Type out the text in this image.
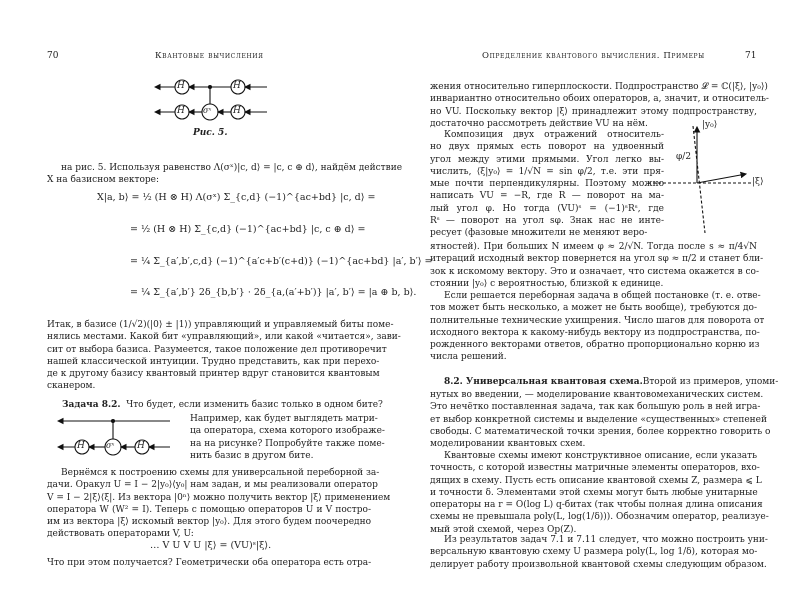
70	Квантовые вычисления	Определение квантового вычисления. Примеры	71
H	H
H	H
σˣ
Рис. 5.
H	H
σˣ
|y₀⟩
|ξ⟩
φ/2
X|a, b⟩ = ½ (H ⊗ H) Λ(σˣ) Σ_{c,d} (−1)^{ac+bd} |c, d⟩ =
= ½ (H ⊗ H) Σ_{c,d} (−1)^{ac+bd} |c, c ⊕ d⟩ =
= ¼ Σ_{a′,b′,c,d} (−1)^{a′c+b′(c+d)} (−1)^{ac+bd} |a′, b′⟩ =
= ¼ Σ_{a′,b′} 2δ_{b,b′} · 2δ_{a,(a′+b′)} |a′, b′⟩ = |a ⊕ b, b⟩.
… V U V U |ξ⟩ = (VU)ˢ|ξ⟩.
Задача 8.2. Что будет, если изменить базис только в одном бите?
8.2. Универсальная квантовая схема. Второй из примеров, упоми-
на рис. 5. Используя равенство Λ(σˣ)|c, d⟩ = |c, c ⊕ d⟩, найдём действие
X на базисном векторе:
Итак, в базисе (1/√2)(|0⟩ ± |1⟩) управляющий и управляемый биты поме-
нялись местами. Какой бит «управляющий», или какой «читается», зави-
сит от выбора базиса. Разумеется, такое положение дел противоречит
нашей классической интуиции. Трудно представить, как при перехо-
де к другому базису квантовый принтер вдруг становится квантовым
сканером.
Например, как будет выглядеть матри-
ца оператора, схема которого изображе-
на на рисунке? Попробуйте также поме-
нить базис в другом бите.
Вернёмся к построению схемы для универсальной переборной за-
дачи. Оракул U = I − 2|y₀⟩⟨y₀| нам задан, и мы реализовали оператор
V = I − 2|ξ⟩⟨ξ|. Из вектора |0ⁿ⟩ можно получить вектор |ξ⟩ применением
оператора W (W² = I). Теперь с помощью операторов U и V постро-
им из вектора |ξ⟩ искомый вектор |y₀⟩. Для этого будем поочередно
действовать операторами V, U:
Что при этом получается? Геометрически оба оператора есть отра-
жения относительно гиперплоскости. Подпространство 𝓛 = ℂ(|ξ⟩, |y₀⟩)
инвариантно относительно обоих операторов, а, значит, и относитель-
но VU. Поскольку вектор |ξ⟩ принадлежит этому подпространству,
достаточно рассмотреть действие VU на нём.
Композиция двух отражений относитель-
но двух прямых есть поворот на удвоенный
угол между этими прямыми. Угол легко вы-
числить, ⟨ξ|y₀⟩ = 1/√N = sin φ/2, т.е. эти пря-
мые почти перпендикулярны. Поэтому можно
написать VU = −R, где R — поворот на ма-
лый угол φ. Но тогда (VU)ˢ = (−1)ˢRˢ, где
Rˢ — поворот на угол sφ. Знак нас не инте-
ресует (фазовые множители не меняют веро-
ятностей). При больших N имеем φ ≈ 2/√N. Тогда после s ≈ π/4√N
итераций исходный вектор повернется на угол sφ ≈ π/2 и станет бли-
зок к искомому вектору. Это и означает, что система окажется в со-
стоянии |y₀⟩ с вероятностью, близкой к единице.
Если решается переборная задача в общей постановке (т. е. отве-
тов может быть несколько, а может не быть вообще), требуются до-
полнительные технические ухищрения. Число шагов для поворота от
исходного вектора к какому-нибудь вектору из подпространства, по-
рожденного векторами ответов, обратно пропорционально корню из
числа решений.
нутых во введении, — моделирование квантовомеханических систем.
Это нечётко поставленная задача, так как большую роль в ней игра-
ет выбор конкретной системы и выделение «существенных» степеней
свободы. С математической точки зрения, более корректно говорить о
моделировании квантовых схем.
Квантовые схемы имеют конструктивное описание, если указать
точность, с которой известны матричные элементы операторов, вхо-
дящих в схему. Пусть есть описание квантовой схемы Z, размера ⩽ L
и точности δ. Элементами этой схемы могут быть любые унитарные
операторы на r = O(log L) q-битах (так чтобы полная длина описания
схемы не превышала poly(L, log(1/δ))). Обозначим оператор, реализуе-
мый этой схемой, через Op(Z).
Из результатов задач 7.1 и 7.11 следует, что можно построить уни-
версальную квантовую схему U размера poly(L, log 1/δ), которая мо-
делирует работу произвольной квантовой схемы следующим образом.
